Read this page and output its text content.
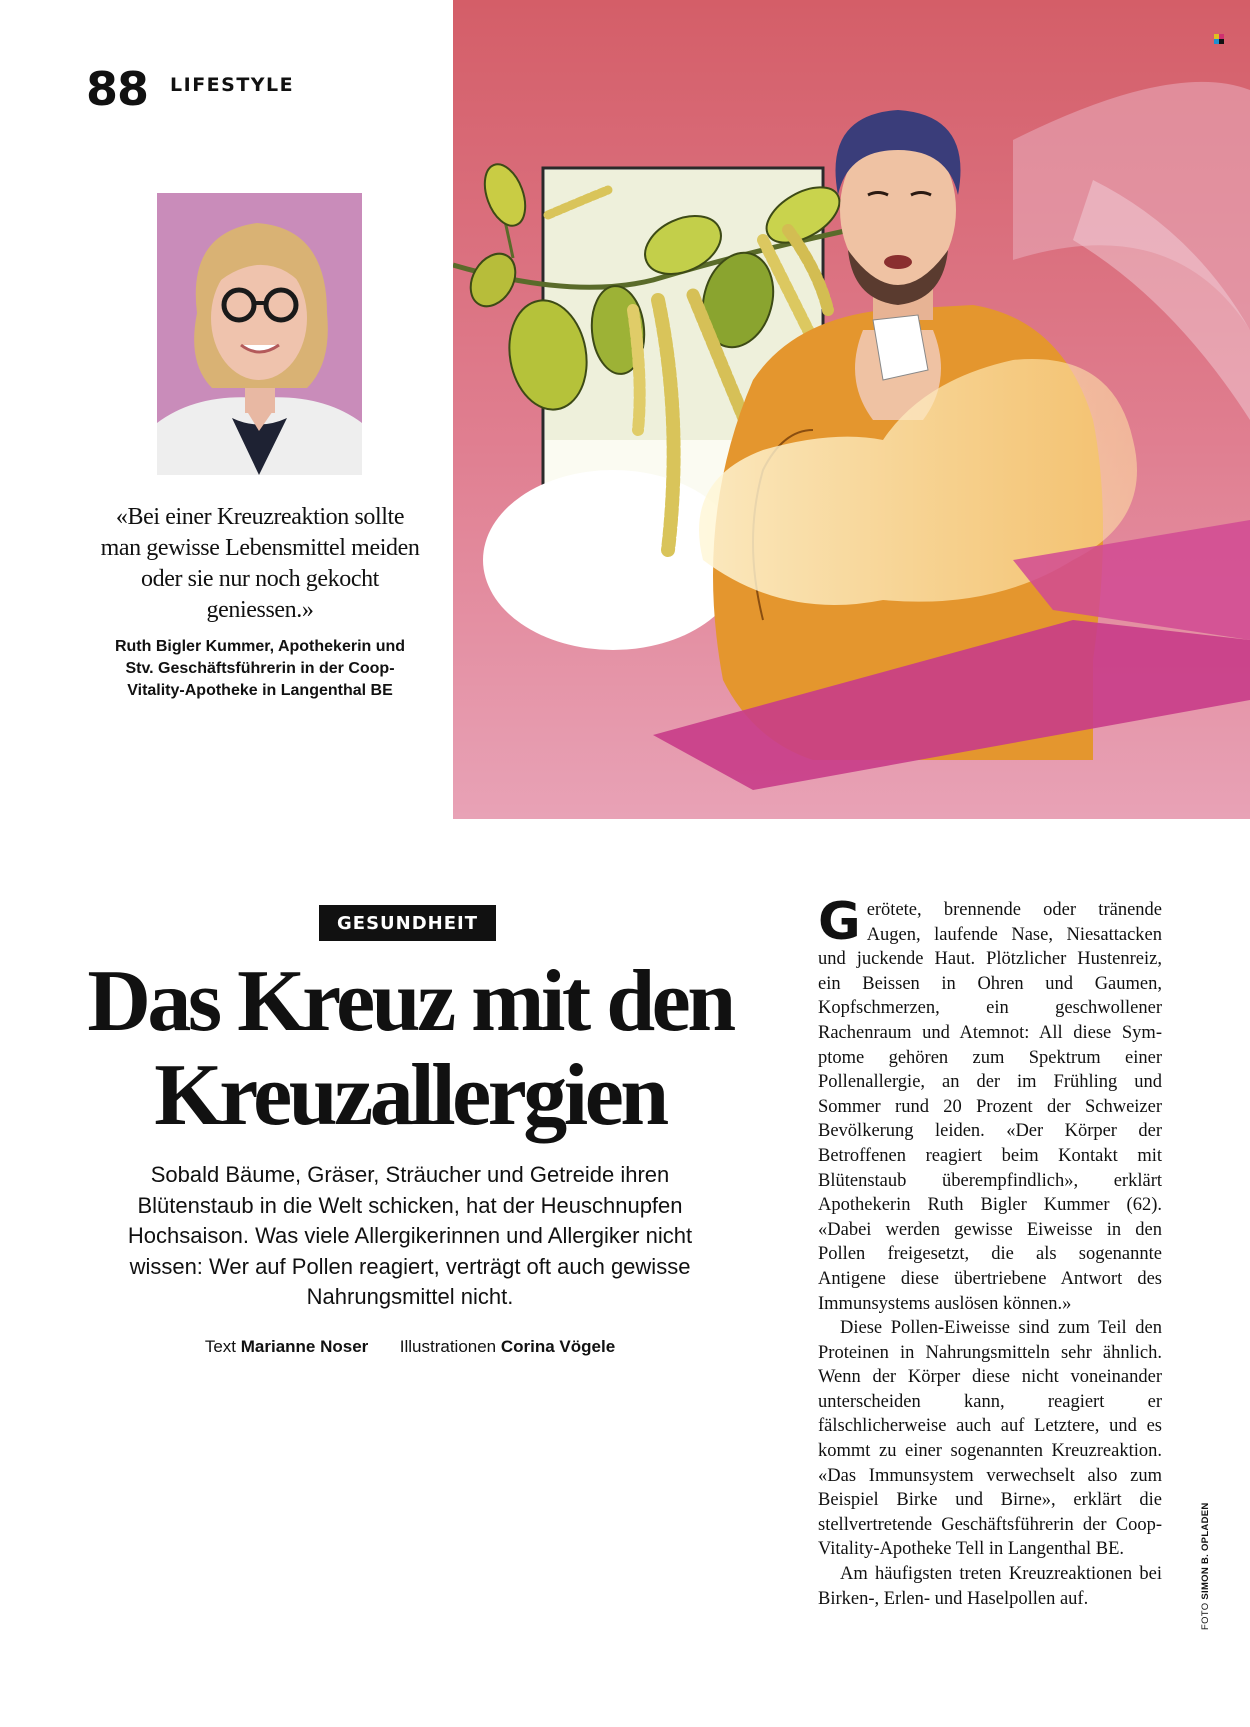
88 LIFESTYLE
«Bei einer Kreuzreaktion sollte man gewisse Lebensmittel meiden oder sie nur noch gekocht geniessen.»
Ruth Bigler Kummer, Apothekerin und Stv. Geschäftsführerin in der Coop-Vitality-Apotheke in Langenthal BE
GESUNDHEIT
Das Kreuz mit den Kreuzallergien
Sobald Bäume, Gräser, Sträucher und Getreide ihren Blütenstaub in die Welt schicken, hat der Heuschnupfen Hochsaison. Was viele Allergikerinnen und Allergiker nicht wissen: Wer auf Pollen reagiert, verträgt oft auch gewisse Nahrungsmittel nicht.
Text Marianne Noser Illustrationen Corina Vögele

Gerötete, brennende oder tränende Augen, laufende Nase, Niesattacken und juckende Haut. Plötzlicher Hustenreiz, ein Beissen in Ohren und Gaumen, Kopfschmerzen, ein geschwollener Rachenraum und Atemnot: All diese Symptome gehören zum Spektrum einer Pollenallergie, an der im Frühling und Sommer rund 20 Prozent der Schweizer Bevölkerung leiden. «Der Körper der Betroffenen reagiert beim Kontakt mit Blütenstaub überempfindlich», erklärt Apothekerin Ruth Bigler Kummer (62). «Dabei werden gewisse Eiweisse in den Pollen freigesetzt, die als sogenannte Antigene diese übertriebene Antwort des Immunsystems auslösen können.»

Diese Pollen-Eiweisse sind zum Teil den Proteinen in Nahrungsmitteln sehr ähnlich. Wenn der Körper diese nicht voneinander unterscheiden kann, reagiert er fälschlicherweise auch auf Letztere, und es kommt zu einer sogenannten Kreuzreaktion. «Das Immunsystem verwechselt also zum Beispiel Birke und Birne», erklärt die stellvertretende Geschäftsführerin der Coop-Vitality-Apotheke Tell in Langenthal BE.

Am häufigsten treten Kreuzreaktionen bei Birken-, Erlen- und Haselpollen auf.

FOTO SIMON B. OPLADEN
